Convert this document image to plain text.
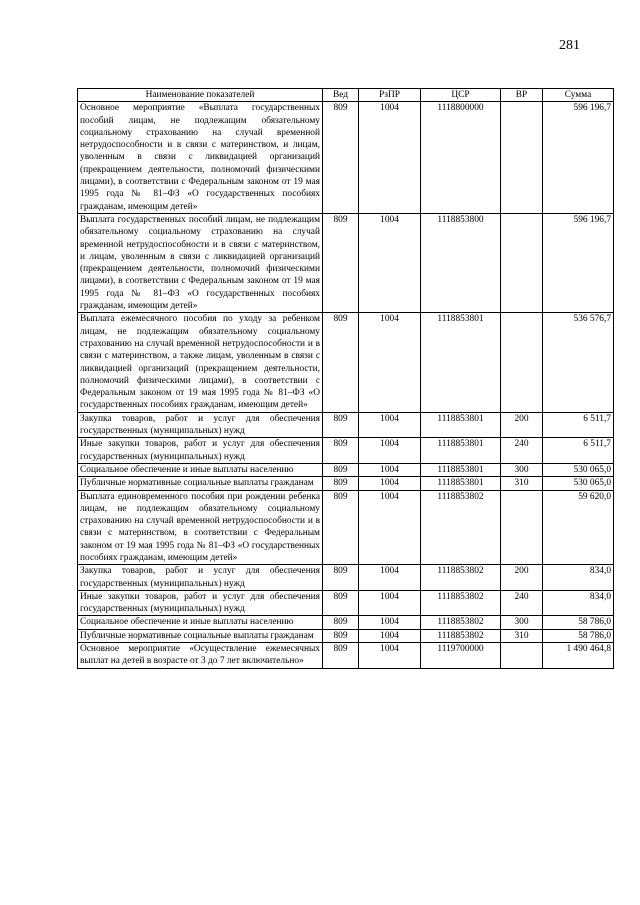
281
Наименование показателей	Вед	РзПР	ЦСР	ВР	Сумма
Основное мероприятие «Выплата государственных пособий лицам, не подлежащим обязательному социальному страхованию на случай временной нетрудоспособности и в связи с материнством, и лицам, уволенным в связи с ликвидацией организаций (прекращением деятельности, полномочий физическими лицами), в соответствии с Федеральным законом от 19 мая 1995 года № 81–ФЗ «О государственных пособиях гражданам, имеющим детей»	809	1004	1118800000		596 196,7
Выплата государственных пособий лицам, не подлежащим обязательному социальному страхованию на случай временной нетрудоспособности и в связи с материнством, и лицам, уволенным в связи с ликвидацией организаций (прекращением деятельности, полномочий физическими лицами), в соответствии с Федеральным законом от 19 мая 1995 года № 81–ФЗ «О государственных пособиях гражданам, имеющим детей»	809	1004	1118853800		596 196,7
Выплата ежемесячного пособия по уходу за ребенком лицам, не подлежащим обязательному социальному страхованию на случай временной нетрудоспособности и в связи с материнством, а также лицам, уволенным в связи с ликвидацией организаций (прекращением деятельности, полномочий физическими лицами), в соответствии с Федеральным законом от 19 мая 1995 года № 81–ФЗ «О государственных пособиях гражданам, имеющим детей»	809	1004	1118853801		536 576,7
Закупка товаров, работ и услуг для обеспечения государственных (муниципальных) нужд	809	1004	1118853801	200	6 511,7
Иные закупки товаров, работ и услуг для обеспечения государственных (муниципальных) нужд	809	1004	1118853801	240	6 511,7
Социальное обеспечение и иные выплаты населению	809	1004	1118853801	300	530 065,0
Публичные нормативные социальные выплаты гражданам	809	1004	1118853801	310	530 065,0
Выплата единовременного пособия при рождении ребенка лицам, не подлежащим обязательному социальному страхованию на случай временной нетрудоспособности и в связи с материнством, в соответствии с Федеральным законом от 19 мая 1995 года № 81–ФЗ «О государственных пособиях гражданам, имеющим детей»	809	1004	1118853802		59 620,0
Закупка товаров, работ и услуг для обеспечения государственных (муниципальных) нужд	809	1004	1118853802	200	834,0
Иные закупки товаров, работ и услуг для обеспечения государственных (муниципальных) нужд	809	1004	1118853802	240	834,0
Социальное обеспечение и иные выплаты населению	809	1004	1118853802	300	58 786,0
Публичные нормативные социальные выплаты гражданам	809	1004	1118853802	310	58 786,0
Основное мероприятие «Осуществление ежемесячных выплат на детей в возрасте от 3 до 7 лет включительно»	809	1004	1119700000		1 490 464,8
